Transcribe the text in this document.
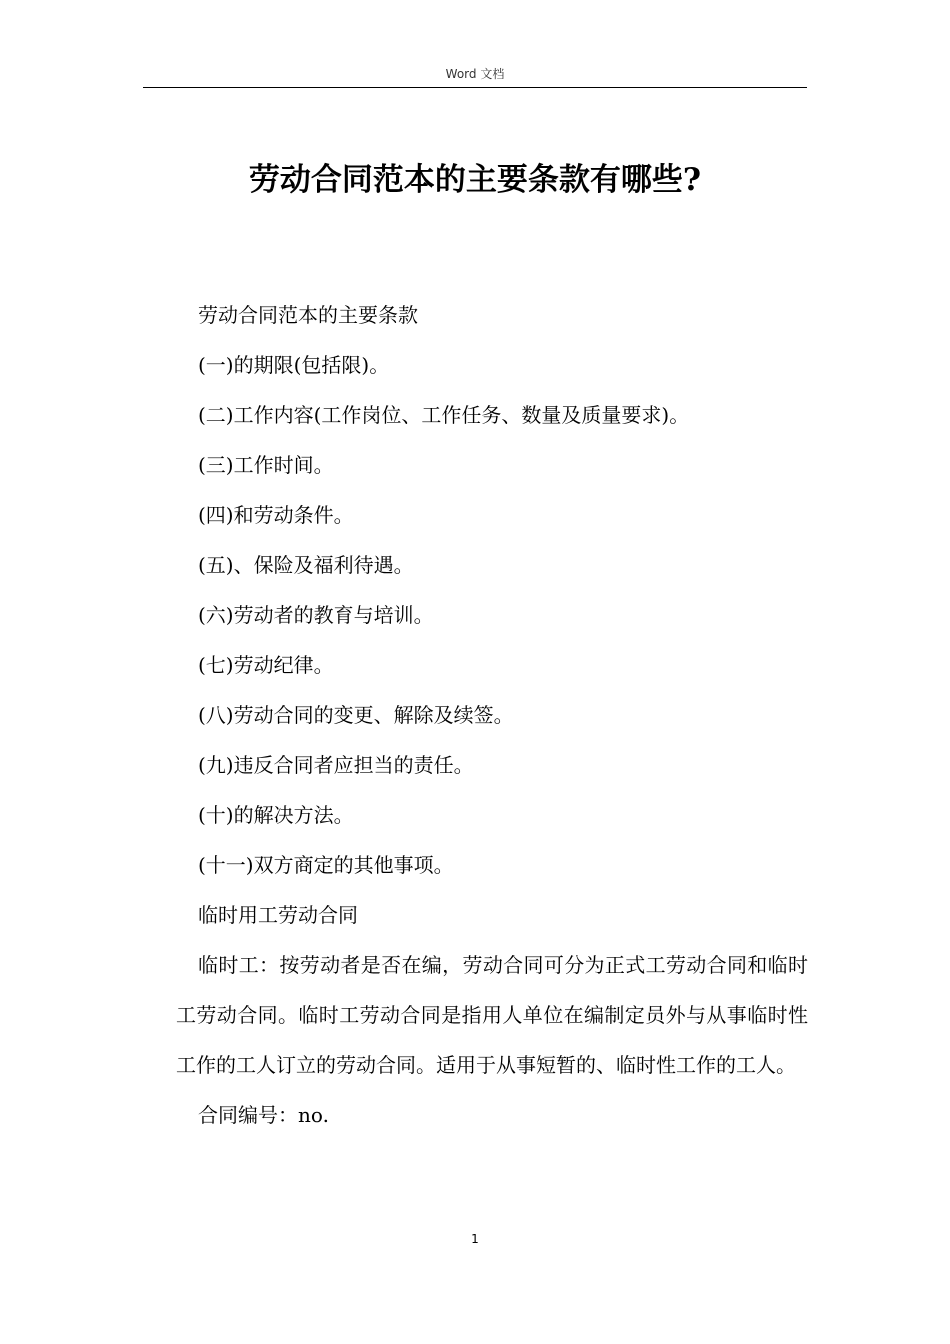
Word 文档
劳动合同范本的主要条款有哪些?

劳动合同范本的主要条款

(一)的期限(包括限)。

(二)工作内容(工作岗位、工作任务、数量及质量要求)。

(三)工作时间。

(四)和劳动条件。

(五)、保险及福利待遇。

(六)劳动者的教育与培训。

(七)劳动纪律。

(八)劳动合同的变更、解除及续签。

(九)违反合同者应担当的责任。

(十)的解决方法。

(十一)双方商定的其他事项。

临时用工劳动合同

临时工：按劳动者是否在编，劳动合同可分为正式工劳动合同和临时工劳动合同。临时工劳动合同是指用人单位在编制定员外与从事临时性工作的工人订立的劳动合同。适用于从事短暂的、临时性工作的工人。

合同编号：no.

1
